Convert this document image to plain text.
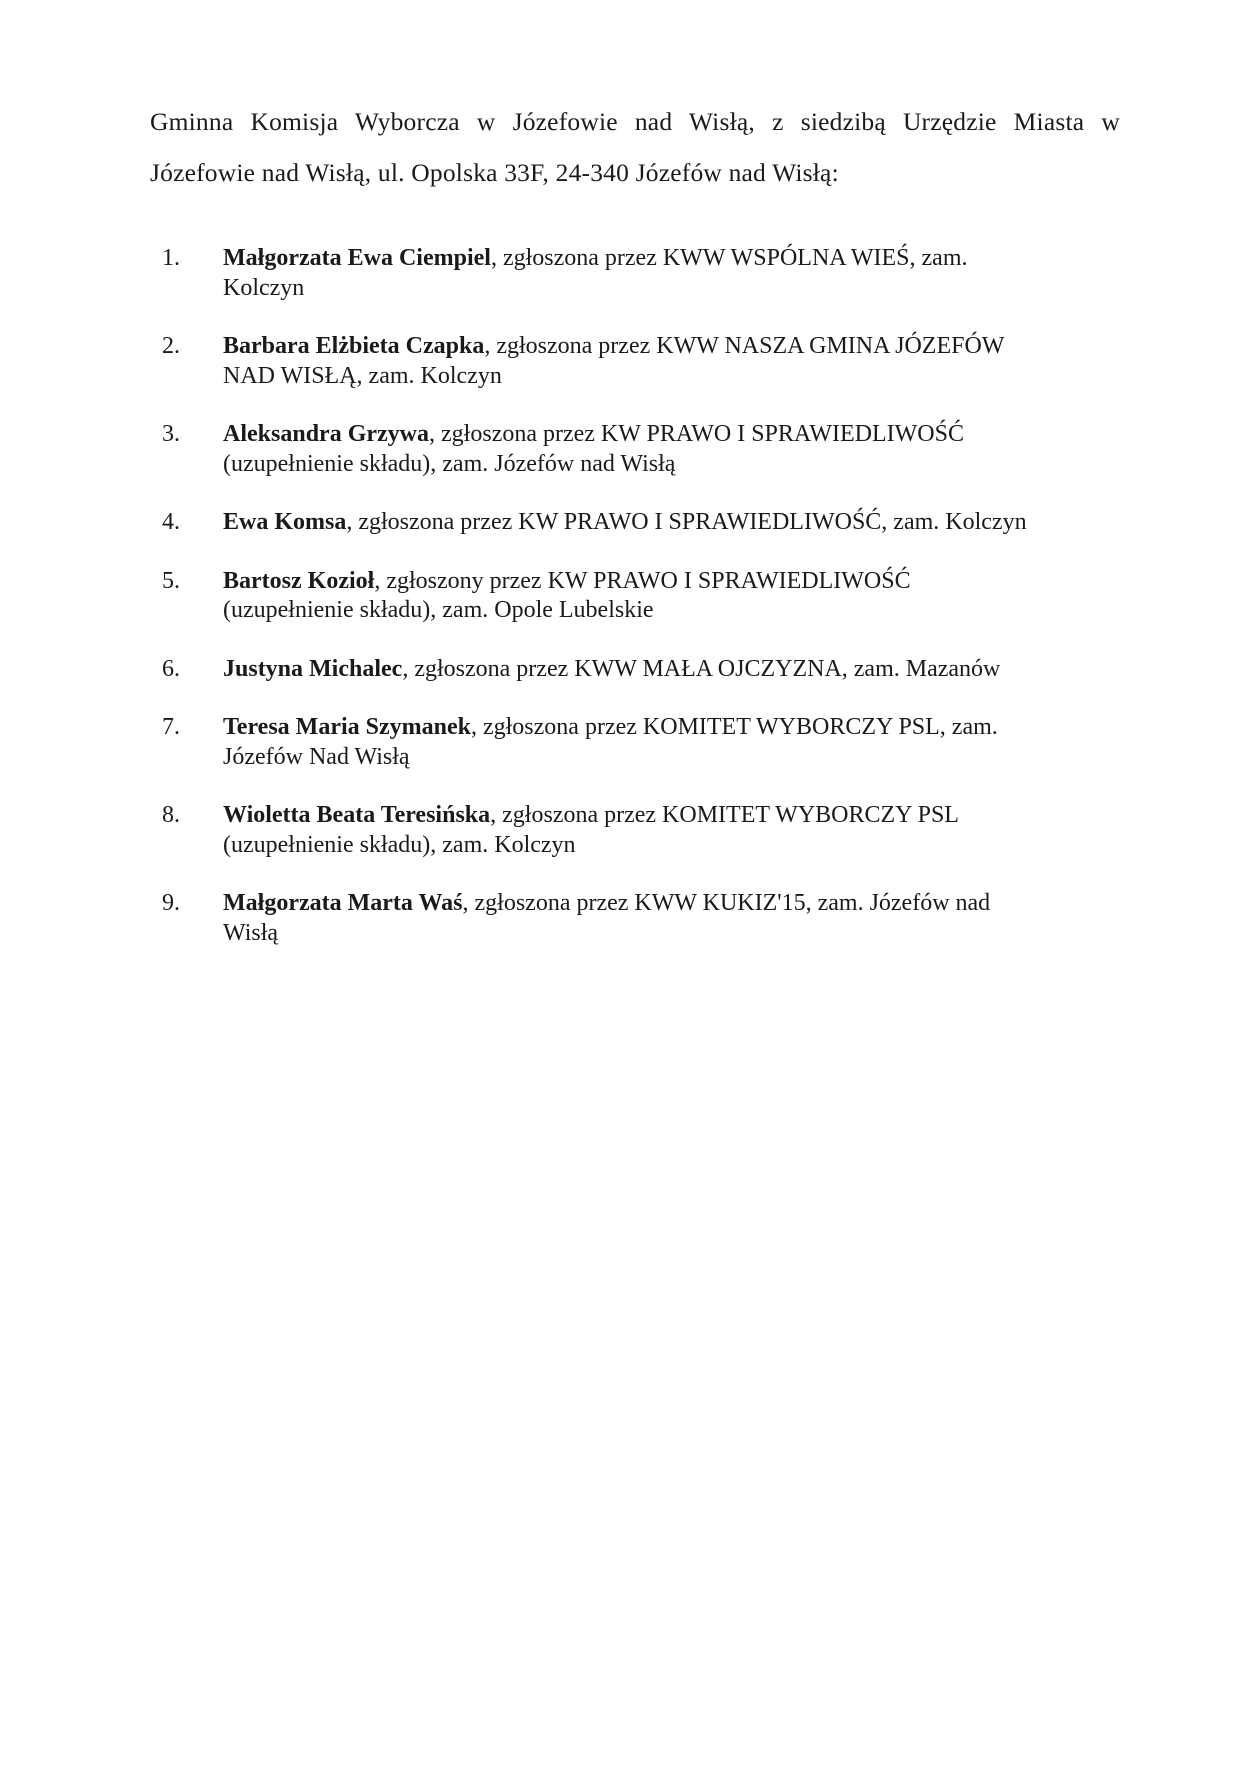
Gminna Komisja Wyborcza w Józefowie nad Wisłą, z siedzibą Urzędzie Miasta w
Józefowie nad Wisłą, ul. Opolska 33F, 24-340 Józefów nad Wisłą:
1. Małgorzata Ewa Ciempiel, zgłoszona przez KWW WSPÓLNA WIEŚ, zam.
Kolczyn
2. Barbara Elżbieta Czapka, zgłoszona przez KWW NASZA GMINA JÓZEFÓW
NAD WISŁĄ, zam. Kolczyn
3. Aleksandra Grzywa, zgłoszona przez KW PRAWO I SPRAWIEDLIWOŚĆ
(uzupełnienie składu), zam. Józefów nad Wisłą
4. Ewa Komsa, zgłoszona przez KW PRAWO I SPRAWIEDLIWOŚĆ, zam. Kolczyn
5. Bartosz Kozioł, zgłoszony przez KW PRAWO I SPRAWIEDLIWOŚĆ
(uzupełnienie składu), zam. Opole Lubelskie
6. Justyna Michalec, zgłoszona przez KWW MAŁA OJCZYZNA, zam. Mazanów
7. Teresa Maria Szymanek, zgłoszona przez KOMITET WYBORCZY PSL, zam.
Józefów Nad Wisłą
8. Wioletta Beata Teresińska, zgłoszona przez KOMITET WYBORCZY PSL
(uzupełnienie składu), zam. Kolczyn
9. Małgorzata Marta Waś, zgłoszona przez KWW KUKIZ'15, zam. Józefów nad
Wisłą
